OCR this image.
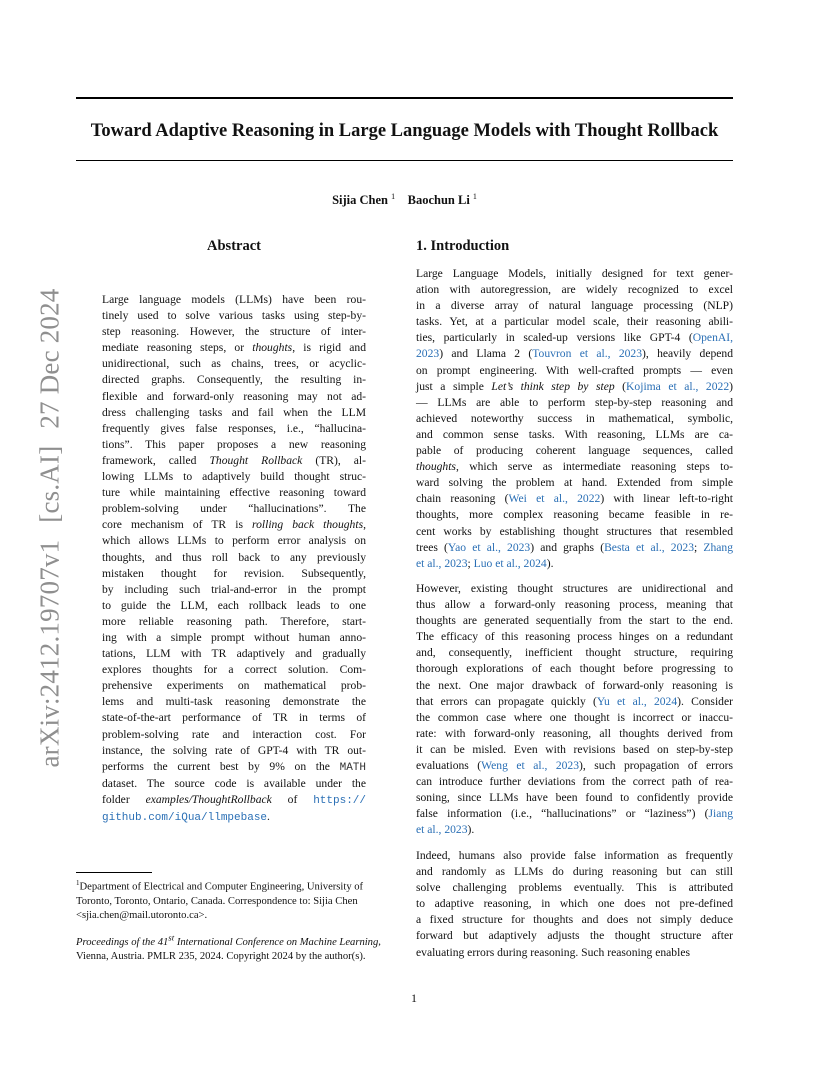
Toward Adaptive Reasoning in Large Language Models with Thought Rollback
Sijia Chen $^1$ Baochun Li $^1$
arXiv:2412.19707v1 [cs.AI] 27 Dec 2024
Abstract
Large language models (LLMs) have been rou-
tinely used to solve various tasks using step-by-
step reasoning. However, the structure of inter-
mediate reasoning steps, or thoughts, is rigid and
unidirectional, such as chains, trees, or acyclic-
directed graphs. Consequently, the resulting in-
flexible and forward-only reasoning may not ad-
dress challenging tasks and fail when the LLM
frequently gives false responses, i.e., “hallucina-
tions”. This paper proposes a new reasoning
framework, called Thought Rollback (TR), al-
lowing LLMs to adaptively build thought struc-
ture while maintaining effective reasoning toward
problem-solving under “hallucinations”. The
core mechanism of TR is rolling back thoughts,
which allows LLMs to perform error analysis on
thoughts, and thus roll back to any previously
mistaken thought for revision. Subsequently,
by including such trial-and-error in the prompt
to guide the LLM, each rollback leads to one
more reliable reasoning path. Therefore, start-
ing with a simple prompt without human anno-
tations, LLM with TR adaptively and gradually
explores thoughts for a correct solution. Com-
prehensive experiments on mathematical prob-
lems and multi-task reasoning demonstrate the
state-of-the-art performance of TR in terms of
problem-solving rate and interaction cost. For
instance, the solving rate of GPT-4 with TR out-
performs the current best by 9% on the MATH
dataset. The source code is available under the
folder examples/ThoughtRollback of https://
github.com/iQua/llmpebase.
$^1$Department of Electrical and Computer Engineering, University of Toronto, Toronto, Ontario, Canada. Correspondence to: Sijia Chen <sjia.chen@mail.utoronto.ca>.
Proceedings of the 41st International Conference on Machine Learning, Vienna, Austria. PMLR 235, 2024. Copyright 2024 by the author(s).
1. Introduction
Large Language Models, initially designed for text gener-
ation with autoregression, are widely recognized to excel
in a diverse array of natural language processing (NLP)
tasks. Yet, at a particular model scale, their reasoning abili-
ties, particularly in scaled-up versions like GPT-4 (OpenAI,
2023) and Llama 2 (Touvron et al., 2023), heavily depend
on prompt engineering. With well-crafted prompts — even
just a simple Let’s think step by step (Kojima et al., 2022)
— LLMs are able to perform step-by-step reasoning and
achieved noteworthy success in mathematical, symbolic,
and common sense tasks. With reasoning, LLMs are ca-
pable of producing coherent language sequences, called
thoughts, which serve as intermediate reasoning steps to-
ward solving the problem at hand. Extended from simple
chain reasoning (Wei et al., 2022) with linear left-to-right
thoughts, more complex reasoning became feasible in re-
cent works by establishing thought structures that resembled
trees (Yao et al., 2023) and graphs (Besta et al., 2023; Zhang
et al., 2023; Luo et al., 2024).
However, existing thought structures are unidirectional and
thus allow a forward-only reasoning process, meaning that
thoughts are generated sequentially from the start to the end.
The efficacy of this reasoning process hinges on a redundant
and, consequently, inefficient thought structure, requiring
thorough explorations of each thought before progressing to
the next. One major drawback of forward-only reasoning is
that errors can propagate quickly (Yu et al., 2024). Consider
the common case where one thought is incorrect or inaccu-
rate: with forward-only reasoning, all thoughts derived from
it can be misled. Even with revisions based on step-by-step
evaluations (Weng et al., 2023), such propagation of errors
can introduce further deviations from the correct path of rea-
soning, since LLMs have been found to confidently provide
false information (i.e., “hallucinations” or “laziness”) (Jiang
et al., 2023).
Indeed, humans also provide false information as frequently
and randomly as LLMs do during reasoning but can still
solve challenging problems eventually. This is attributed
to adaptive reasoning, in which one does not pre-defined
a fixed structure for thoughts and does not simply deduce
forward but adaptively adjusts the thought structure after
evaluating errors during reasoning. Such reasoning enables
1
